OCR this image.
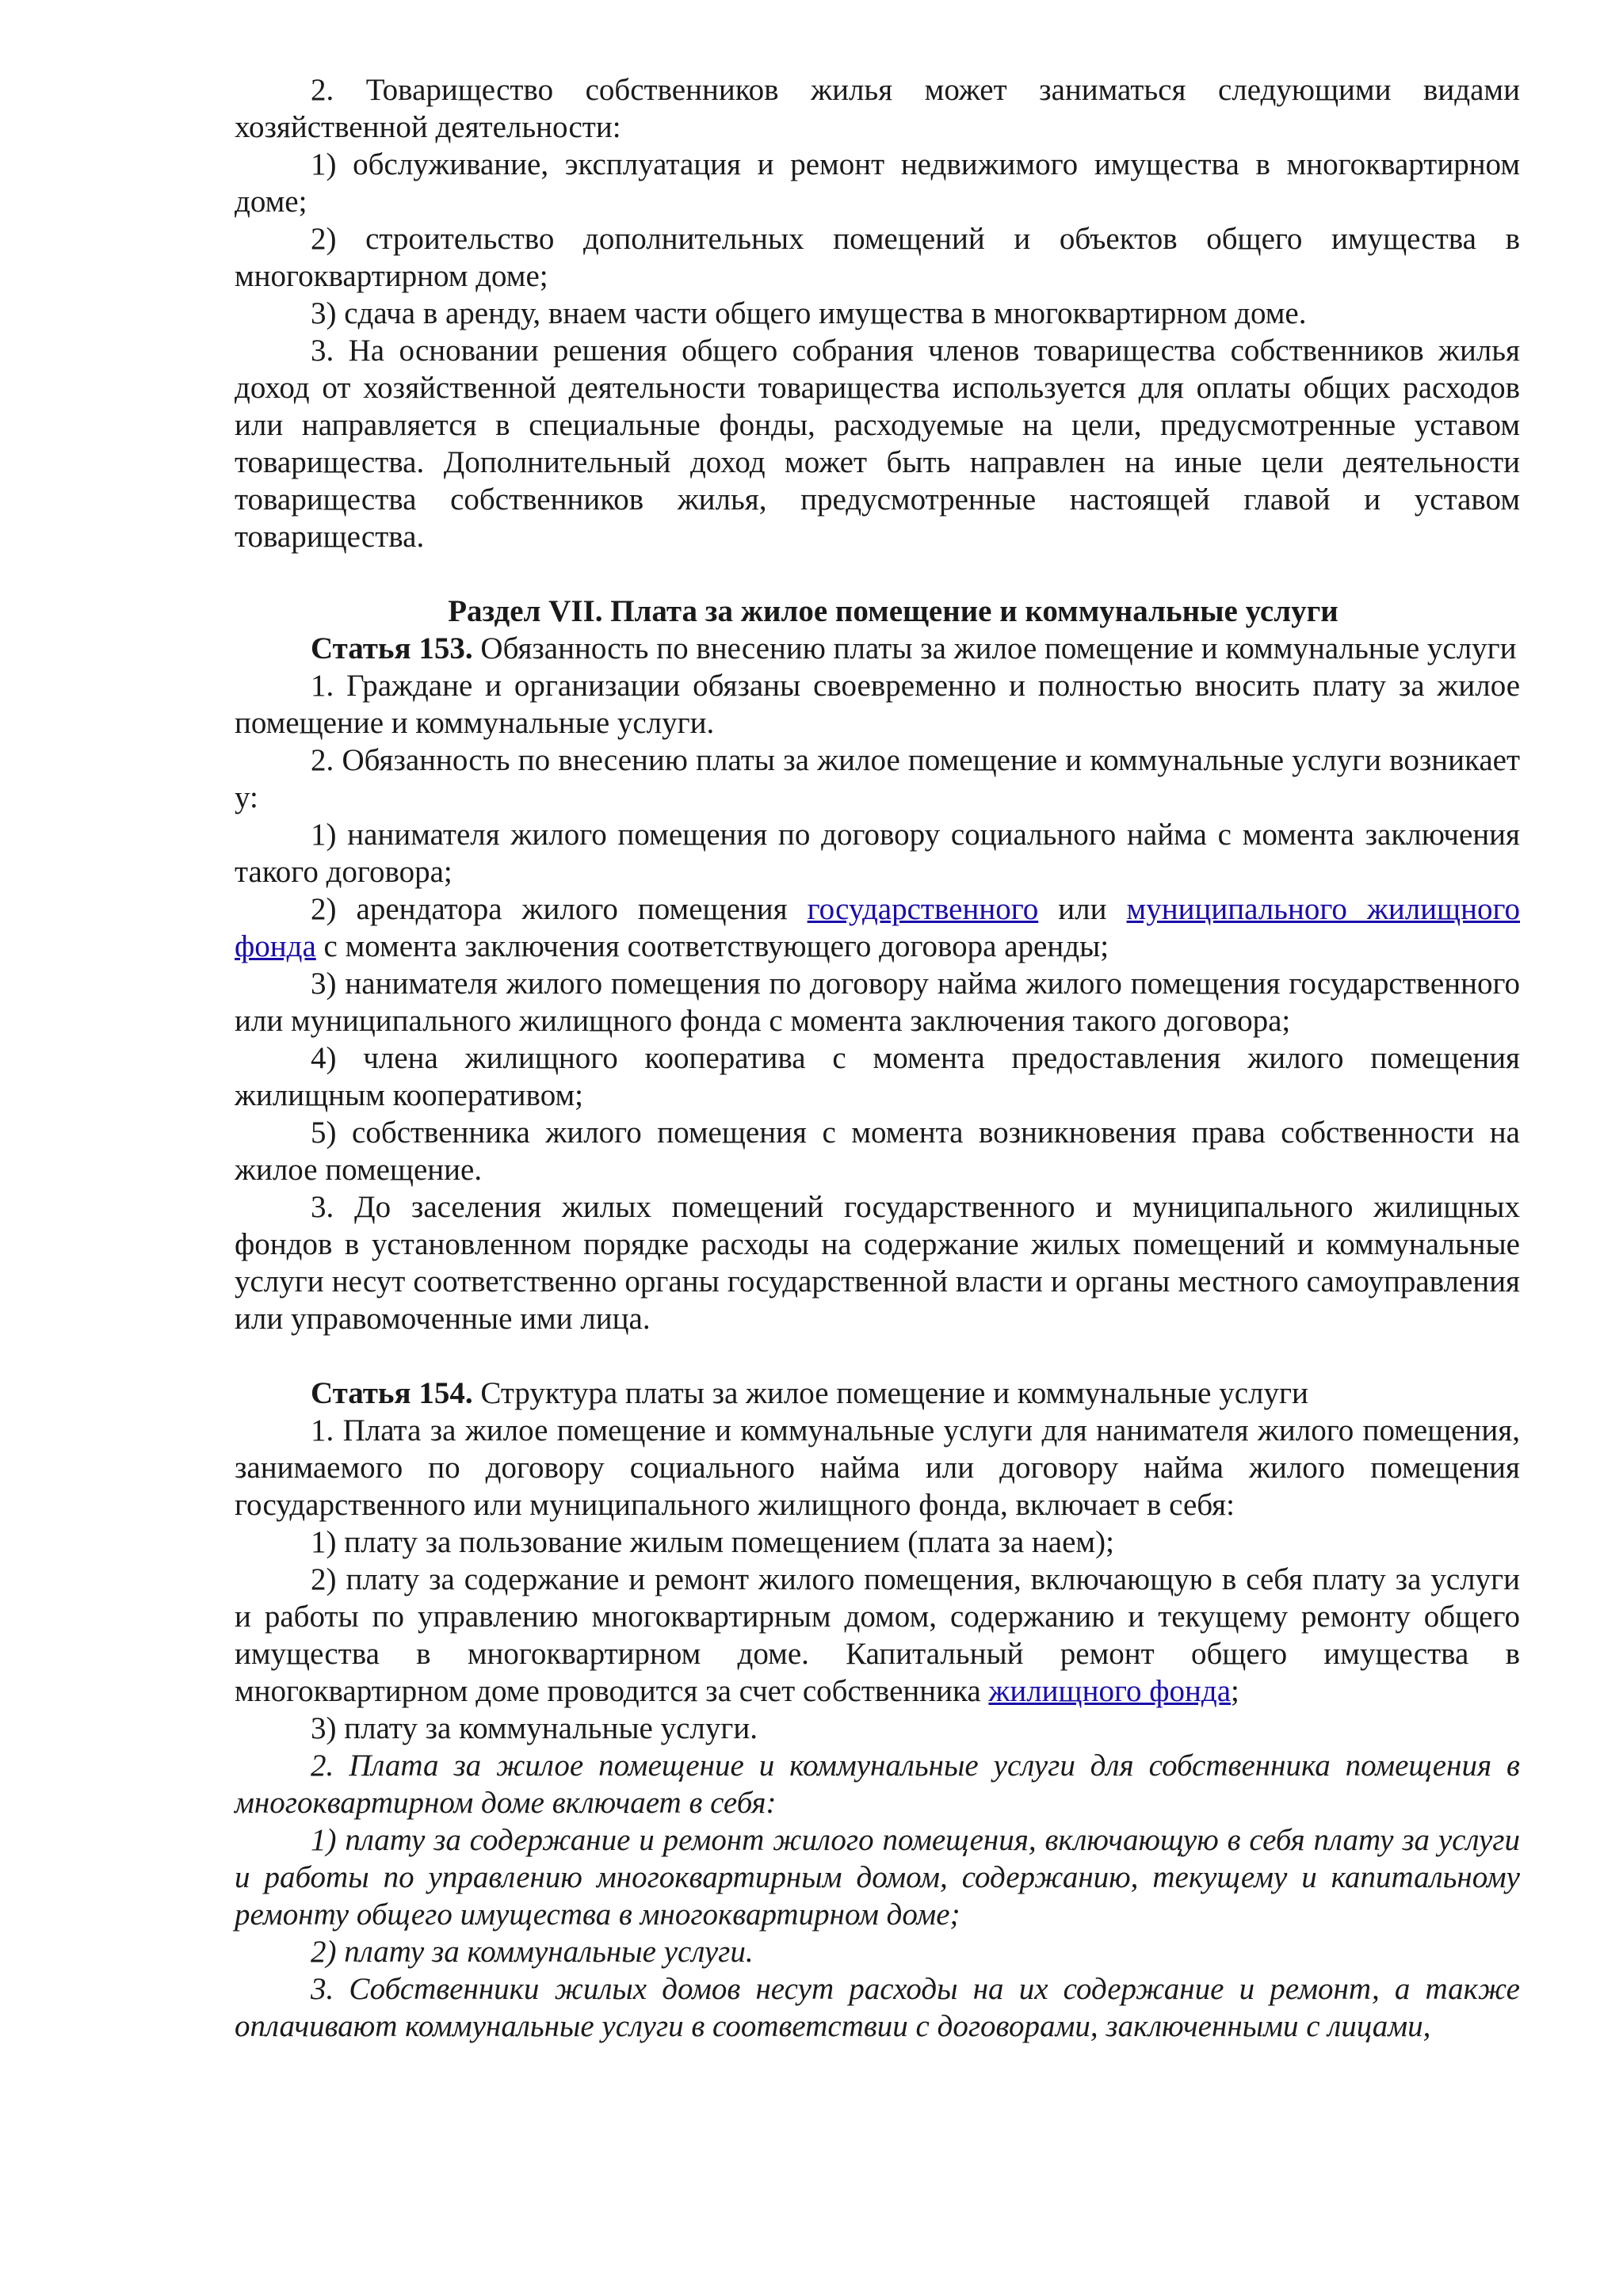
2. Товарищество собственников жилья может заниматься следующими видами хозяйственной деятельности:

1) обслуживание, эксплуатация и ремонт недвижимого имущества в многоквартирном доме;

2) строительство дополнительных помещений и объектов общего имущества в многоквартирном доме;

3) сдача в аренду, внаем части общего имущества в многоквартирном доме.

3. На основании решения общего собрания членов товарищества собственников жилья доход от хозяйственной деятельности товарищества используется для оплаты общих расходов или направляется в специальные фонды, расходуемые на цели, предусмотренные уставом товарищества. Дополнительный доход может быть направлен на иные цели деятельности товарищества собственников жилья, предусмотренные настоящей главой и уставом товарищества.

Раздел VII. Плата за жилое помещение и коммунальные услуги

Статья 153. Обязанность по внесению платы за жилое помещение и коммунальные услуги

1. Граждане и организации обязаны своевременно и полностью вносить плату за жилое помещение и коммунальные услуги.

2. Обязанность по внесению платы за жилое помещение и коммунальные услуги возникает у:

1) нанимателя жилого помещения по договору социального найма с момента заключения такого договора;

2) арендатора жилого помещения государственного или муниципального жилищного фонда с момента заключения соответствующего договора аренды;

3) нанимателя жилого помещения по договору найма жилого помещения государственного или муниципального жилищного фонда с момента заключения такого договора;

4) члена жилищного кооператива с момента предоставления жилого помещения жилищным кооперативом;

5) собственника жилого помещения с момента возникновения права собственности на жилое помещение.

3. До заселения жилых помещений государственного и муниципального жилищных фондов в установленном порядке расходы на содержание жилых помещений и коммунальные услуги несут соответственно органы государственной власти и органы местного самоуправления или управомоченные ими лица.

Статья 154. Структура платы за жилое помещение и коммунальные услуги

1. Плата за жилое помещение и коммунальные услуги для нанимателя жилого помещения, занимаемого по договору социального найма или договору найма жилого помещения государственного или муниципального жилищного фонда, включает в себя:

1) плату за пользование жилым помещением (плата за наем);

2) плату за содержание и ремонт жилого помещения, включающую в себя плату за услуги и работы по управлению многоквартирным домом, содержанию и текущему ремонту общего имущества в многоквартирном доме. Капитальный ремонт общего имущества в многоквартирном доме проводится за счет собственника жилищного фонда;

3) плату за коммунальные услуги.

2. Плата за жилое помещение и коммунальные услуги для собственника помещения в многоквартирном доме включает в себя:

1) плату за содержание и ремонт жилого помещения, включающую в себя плату за услуги и работы по управлению многоквартирным домом, содержанию, текущему и капитальному ремонту общего имущества в многоквартирном доме;

2) плату за коммунальные услуги.

3. Собственники жилых домов несут расходы на их содержание и ремонт, а также оплачивают коммунальные услуги в соответствии с договорами, заключенными с лицами,
